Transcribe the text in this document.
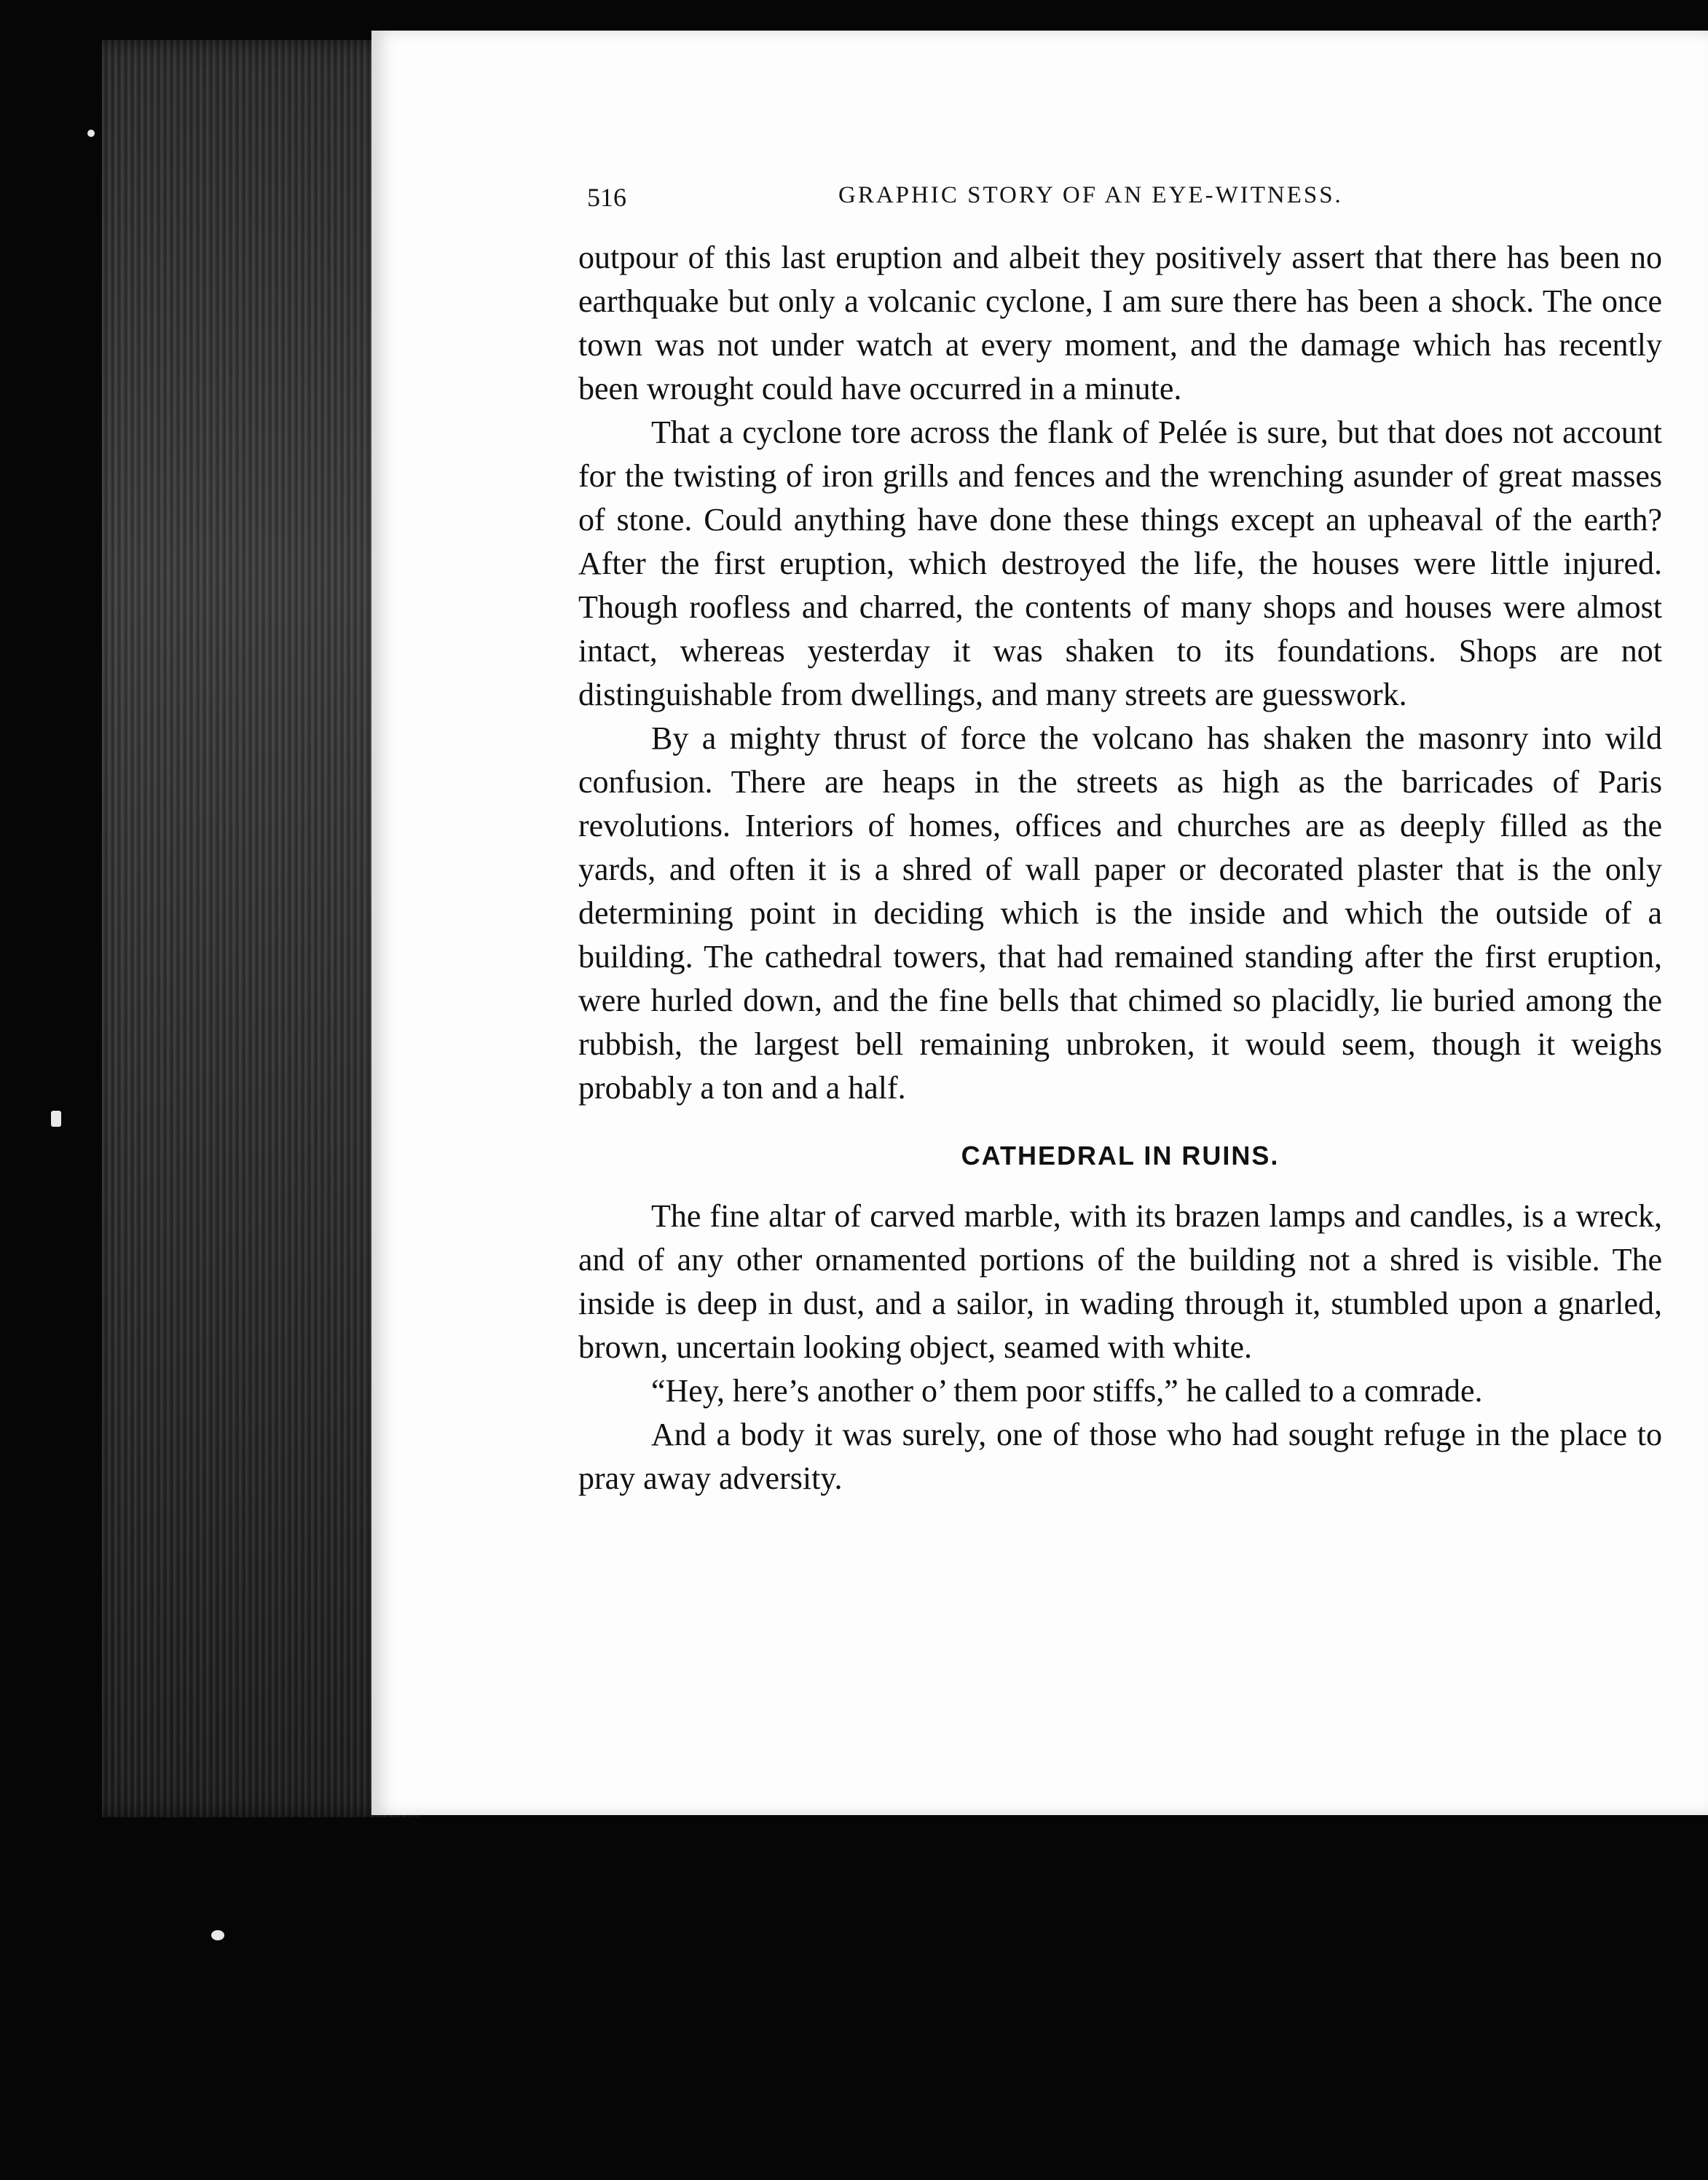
516	GRAPHIC STORY OF AN EYE-WITNESS.

outpour of this last eruption and albeit they positively assert that there has been no earthquake but only a volcanic cyclone, I am sure there has been a shock. The once town was not under watch at every moment, and the damage which has recently been wrought could have occurred in a minute.

That a cyclone tore across the flank of Pelée is sure, but that does not account for the twisting of iron grills and fences and the wrenching asunder of great masses of stone. Could anything have done these things except an upheaval of the earth? After the first eruption, which destroyed the life, the houses were little injured. Though roofless and charred, the contents of many shops and houses were almost intact, whereas yesterday it was shaken to its foundations. Shops are not distinguishable from dwellings, and many streets are guesswork.

By a mighty thrust of force the volcano has shaken the masonry into wild confusion. There are heaps in the streets as high as the barricades of Paris revolutions. Interiors of homes, offices and churches are as deeply filled as the yards, and often it is a shred of wall paper or decorated plaster that is the only determining point in deciding which is the inside and which the outside of a building. The cathedral towers, that had remained standing after the first eruption, were hurled down, and the fine bells that chimed so placidly, lie buried among the rubbish, the largest bell remaining unbroken, it would seem, though it weighs probably a ton and a half.

CATHEDRAL IN RUINS.

The fine altar of carved marble, with its brazen lamps and candles, is a wreck, and of any other ornamented portions of the building not a shred is visible. The inside is deep in dust, and a sailor, in wading through it, stumbled upon a gnarled, brown, uncertain looking object, seamed with white.

“Hey, here’s another o’ them poor stiffs,” he called to a comrade.

And a body it was surely, one of those who had sought refuge in the place to pray away adversity.
